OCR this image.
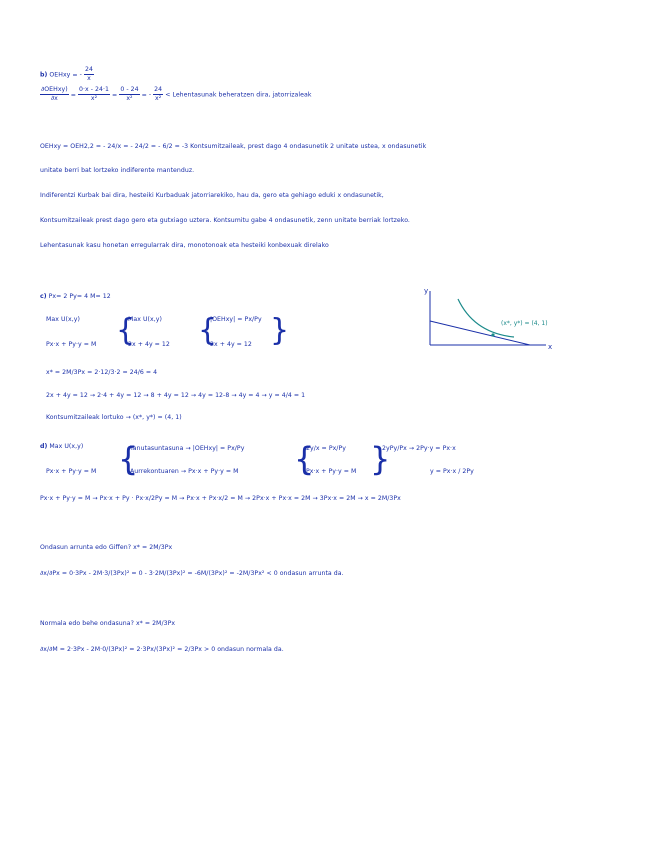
b) OEHxy = - $\frac{24}{x}$
$\frac{\text{∂OEHxy)}}{\partial x} = \frac{0\cdot x - 24\cdot 1}{\text{x²}} = \frac{0 - 24}{\text{x²}}$ = - $\frac{24}{\text{x²}}$ < Lehentasunak beheratzen dira, jatorrizaleak
OEHxy = OEH2,2 = - 24/x = - 24/2 = - 6/2 = -3 Kontsumitzaileak, prest dago 4 ondasunetik 2 unitate ustea, x ondasunetik
unitate berri bat lortzeko indiferente mantenduz.
Indiferentzi Kurbak bai dira, hesteiki Kurbaduak jatorriarekiko, hau da, gero eta gehiago eduki x ondasunetik,
Kontsumitzaileak prest dago gero eta gutxiago uztera. Kontsumitu gabe 4 ondasunetik, zenn unitate berriak lortzeko.
Lehentasunak kasu honetan erregularrak dira, monotonoak eta hesteiki konbexuak direlako
c) Px= 2 Py= 4 M= 12
Max U(x,y)
Px·x + Py·y = M {
Max U(x,y)
2x + 4y = 12 {
|OEHxy| = Px/Py
2x + 4y = 12 }
x* = 2M/3Px = 2·12/3·2 = 24/6 = 4
2x + 4y = 12 → 2·4 + 4y = 12 → 8 + 4y = 12 → 4y = 12-8 → 4y = 4 → y = 4/4 = 1
Kontsumitzaileak lortuko → (x*, y*) = (4, 1)
y
x
(x*, y*) = (4, 1)
d) Max U(x,y)
Px·x + Py·y = M {
Tanutasuntasuna → |OEHxy| = Px/Py
Aurrekontuaren → Px·x + Py·y = M {
2y/x = Px/Py
Px·x + Py·y = M }
2yPy/Px → 2Py·y = Px·x
y = Px·x / 2Py
Px·x + Py·y = M → Px·x + Py · Px·x/2Py = M → Px·x + Px·x/2 = M → 2Px·x + Px·x = 2M → 3Px·x = 2M → x = 2M/3Px
Ondasun arrunta edo Giffen? x* = 2M/3Px
∂x/∂Px = 0·3Px - 2M·3/(3Px)² = 0 - 3·2M/(3Px)² = -6M/(3Px)² = -2M/3Px² < 0 ondasun arrunta da.
Normala edo behe ondasuna? x* = 2M/3Px
∂x/∂M = 2·3Px - 2M·0/(3Px)² = 2·3Px/(3Px)² = 2/3Px > 0 ondasun normala da.
